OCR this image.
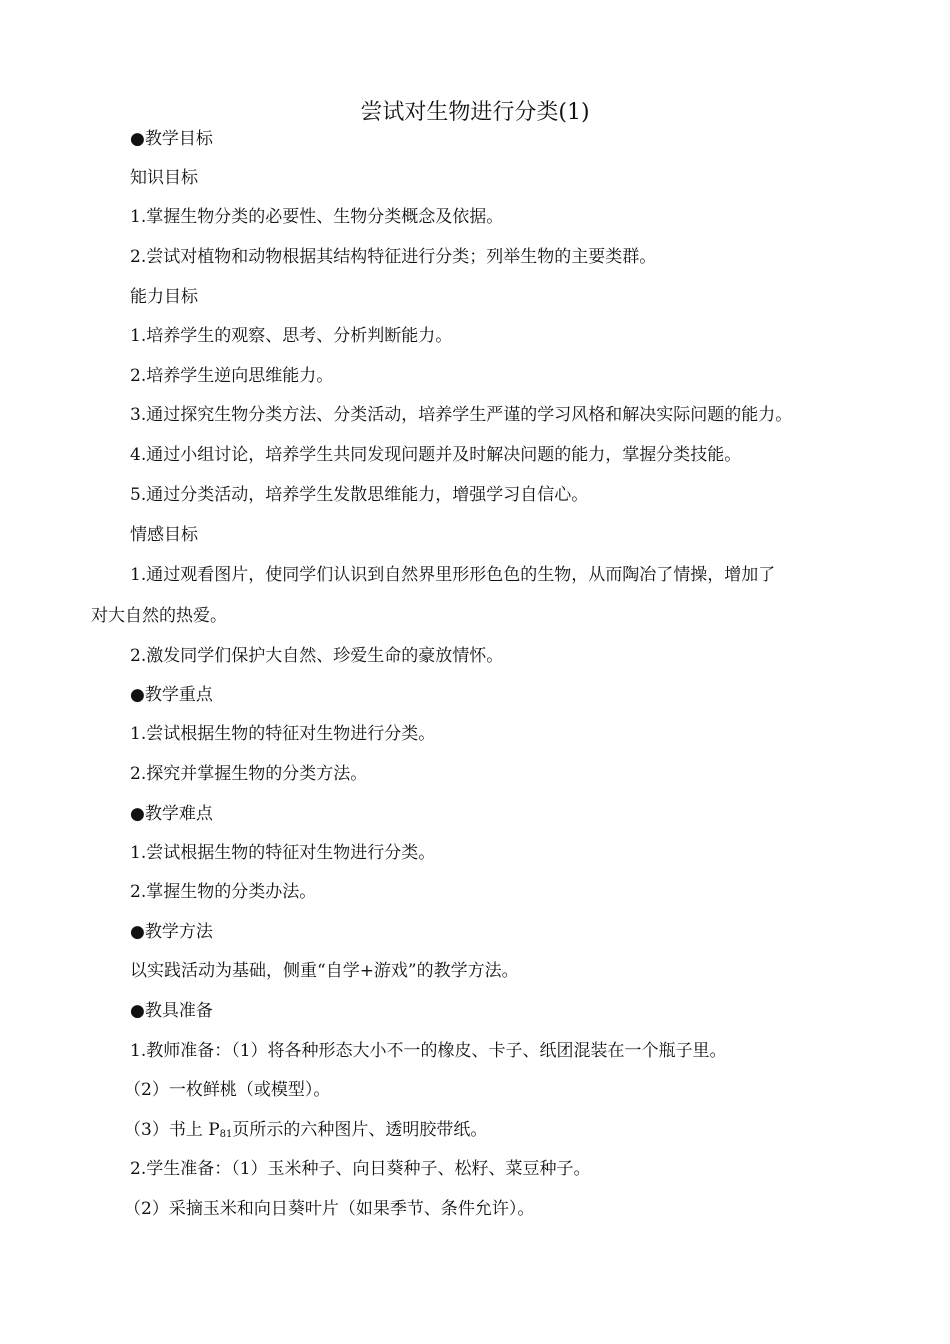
尝试对生物进行分类(1)
●教学目标
知识目标
1.掌握生物分类的必要性、生物分类概念及依据。
2.尝试对植物和动物根据其结构特征进行分类；列举生物的主要类群。
能力目标
1.培养学生的观察、思考、分析判断能力。
2.培养学生逆向思维能力。
3.通过探究生物分类方法、分类活动，培养学生严谨的学习风格和解决实际问题的能力。
4.通过小组讨论，培养学生共同发现问题并及时解决问题的能力，掌握分类技能。
5.通过分类活动，培养学生发散思维能力，增强学习自信心。
情感目标
1.通过观看图片，使同学们认识到自然界里形形色色的生物，从而陶冶了情操，增加了
对大自然的热爱。
2.激发同学们保护大自然、珍爱生命的豪放情怀。
●教学重点
1.尝试根据生物的特征对生物进行分类。
2.探究并掌握生物的分类方法。
●教学难点
1.尝试根据生物的特征对生物进行分类。
2.掌握生物的分类办法。
●教学方法
以实践活动为基础，侧重“自学+游戏”的教学方法。
●教具准备
1.教师准备：（1）将各种形态大小不一的橡皮、卡子、纸团混装在一个瓶子里。
（2）一枚鲜桃（或模型）。
（3）书上 $P_{81}$页所示的六种图片、透明胶带纸。
2.学生准备：（1）玉米种子、向日葵种子、松籽、菜豆种子。
（2）采摘玉米和向日葵叶片（如果季节、条件允许）。
